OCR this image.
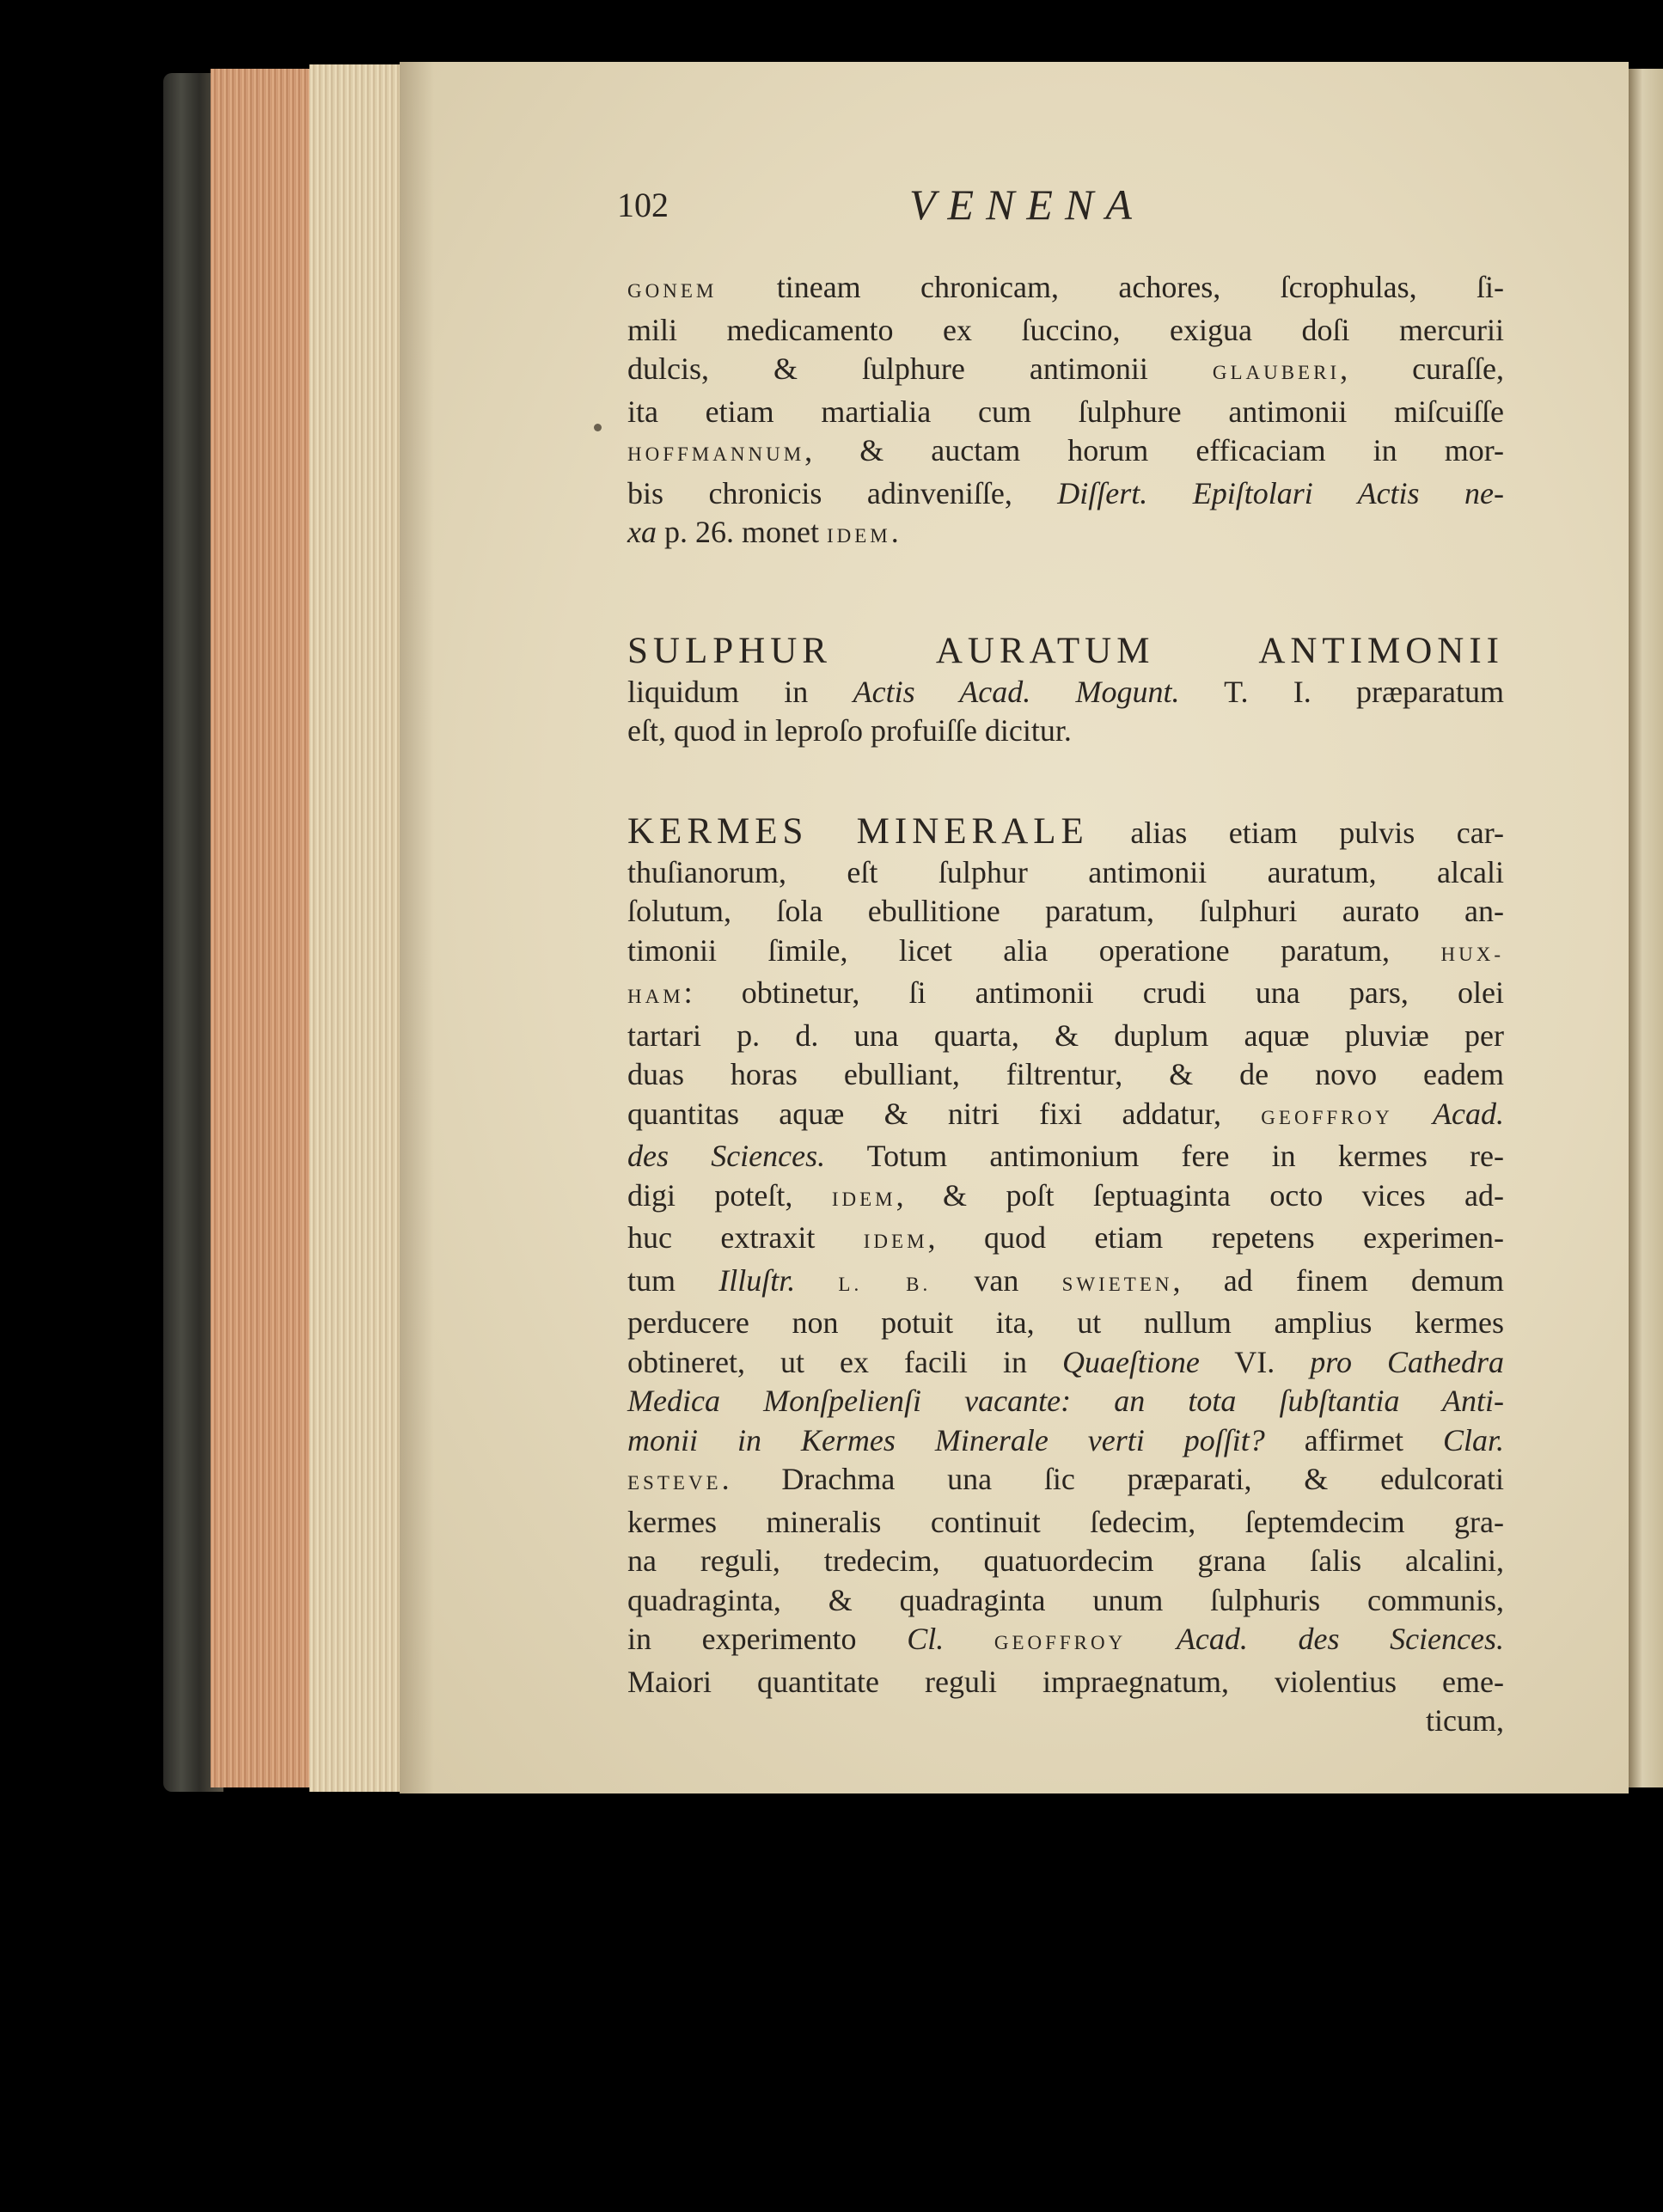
102	VENENA
GONEM tineam chronicam, achores, ſcrophulas, ſi-
mili medicamento ex ſuccino, exigua doſi mercurii
dulcis, & ſulphure antimonii GLAUBERI, curaſſe,
ita etiam martialia cum ſulphure antimonii miſcuiſſe
HOFFMANNUM, & auctam horum efficaciam in mor-
bis chronicis adinveniſſe, Diſſert. Epiſtolari Actis ne-
xa p. 26. monet IDEM.
SULPHUR AURATUM ANTIMONII
liquidum in Actis Acad. Mogunt. T. I. præparatum
eſt, quod in leproſo profuiſſe dicitur.
KERMES MINERALE alias etiam pulvis car-
thuſianorum, eſt ſulphur antimonii auratum, alcali
ſolutum, ſola ebullitione paratum, ſulphuri aurato an-
timonii ſimile, licet alia operatione paratum, HUX-
HAM: obtinetur, ſi antimonii crudi una pars, olei
tartari p. d. una quarta, & duplum aquæ pluviæ per
duas horas ebulliant, filtrentur, & de novo eadem
quantitas aquæ & nitri fixi addatur, GEOFFROY Acad.
des Sciences. Totum antimonium fere in kermes re-
digi poteſt, IDEM, & poſt ſeptuaginta octo vices ad-
huc extraxit IDEM, quod etiam repetens experimen-
tum Illuſtr. L. B. van SWIETEN, ad finem demum
perducere non potuit ita, ut nullum amplius kermes
obtineret, ut ex facili in Quaeſtione VI. pro Cathedra
Medica Monſpelienſi vacante: an tota ſubſtantia Anti-
monii in Kermes Minerale verti poſſit? affirmet Clar.
ESTEVE. Drachma una ſic præparati, & edulcorati
kermes mineralis continuit ſedecim, ſeptemdecim gra-
na reguli, tredecim, quatuordecim grana ſalis alcalini,
quadraginta, & quadraginta unum ſulphuris communis,
in experimento Cl.	GEOFFROY Acad. des Sciences.
Maiori quantitate reguli impraegnatum, violentius eme-
ticum,
